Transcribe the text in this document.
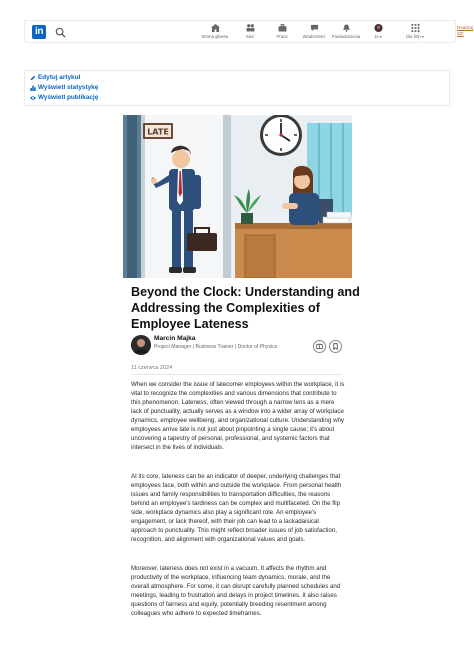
in	Strona główna	Sieć	Praca	Wiadomości	Powiadomienia	Ja ▾	Dla firm ▾
Realizuj 3Z!
Edytuj artykuł
Wyświetl statystykę
Wyświetl publikację
LATE
Beyond the Clock: Understanding and Addressing the Complexities of Employee Lateness
Marcin Majka
Project Manager | Business Trainer | Doctor of Physics
11 czerwca 2024

When we consider the issue of latecomer employees within the workplace, it is vital to recognize the complexities and various dimensions that contribute to this phenomenon. Lateness, often viewed through a narrow lens as a mere lack of punctuality, actually serves as a window into a wider array of workplace dynamics, employee wellbeing, and organizational culture. Understanding why employees arrive late is not just about pinpointing a single cause; it's about uncovering a tapestry of personal, professional, and systemic factors that intersect in the lives of individuals.

At its core, lateness can be an indicator of deeper, underlying challenges that employees face, both within and outside the workplace. From personal health issues and family responsibilities to transportation difficulties, the reasons behind an employee's tardiness can be complex and multifaceted. On the flip side, workplace dynamics also play a significant role. An employee's engagement, or lack thereof, with their job can lead to a lackadaisical approach to punctuality. This might reflect broader issues of job satisfaction, recognition, and alignment with organizational values and goals.

Moreover, lateness does not exist in a vacuum. It affects the rhythm and productivity of the workplace, influencing team dynamics, morale, and the overall atmosphere. For some, it can disrupt carefully planned schedules and meetings, leading to frustration and delays in project timelines. It also raises questions of fairness and equity, potentially breeding resentment among colleagues who adhere to expected timeframes.
